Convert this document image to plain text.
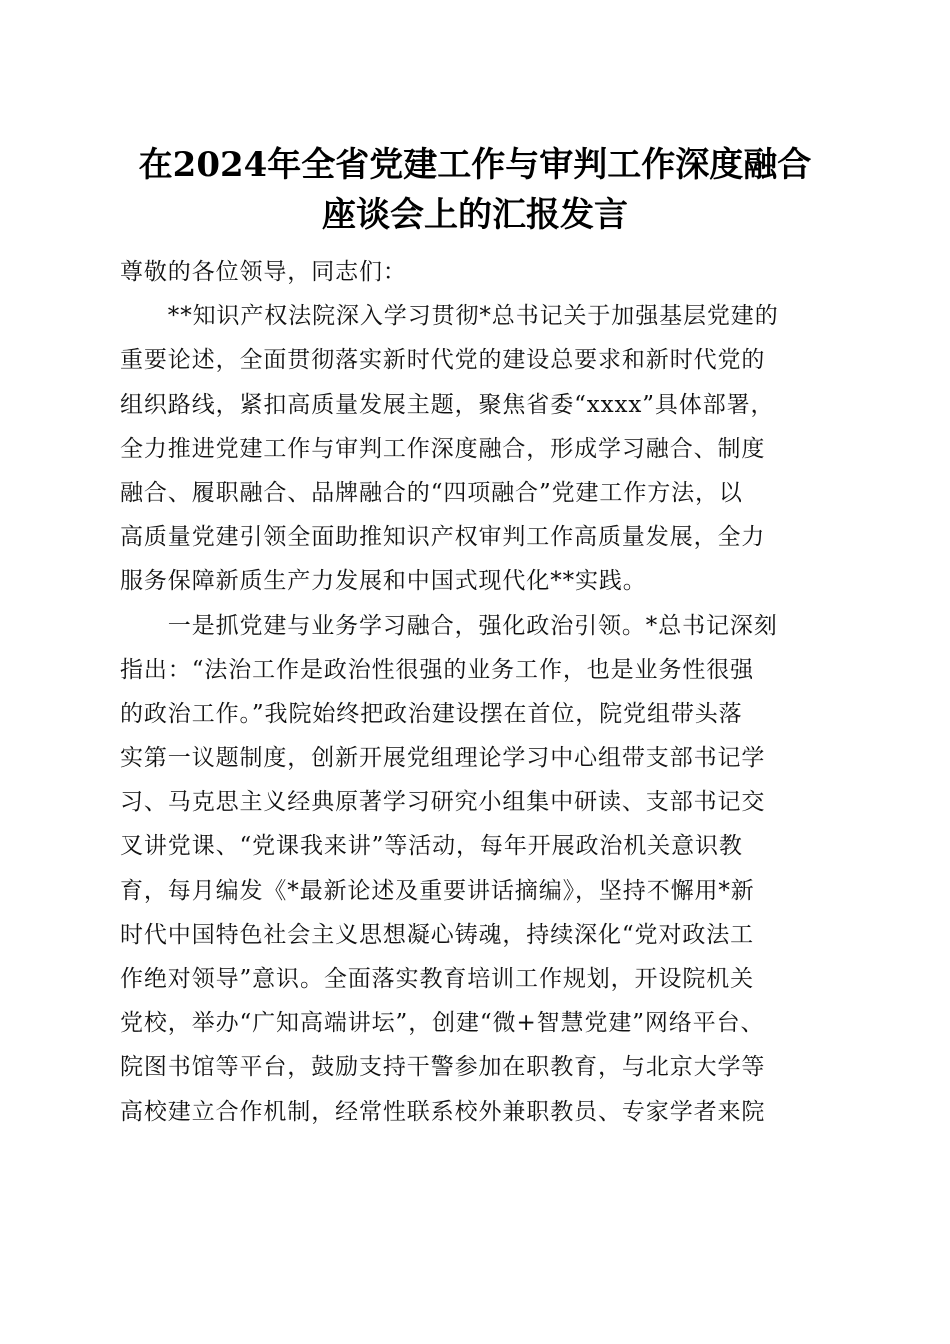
在2024年全省党建工作与审判工作深度融合
座谈会上的汇报发言
尊敬的各位领导，同志们：
　　**知识产权法院深入学习贯彻*总书记关于加强基层党建的
重要论述，全面贯彻落实新时代党的建设总要求和新时代党的
组织路线，紧扣高质量发展主题，聚焦省委“xxxx”具体部署，
全力推进党建工作与审判工作深度融合，形成学习融合、制度
融合、履职融合、品牌融合的“四项融合”党建工作方法，以
高质量党建引领全面助推知识产权审判工作高质量发展，全力
服务保障新质生产力发展和中国式现代化**实践。
　　一是抓党建与业务学习融合，强化政治引领。*总书记深刻
指出：“法治工作是政治性很强的业务工作，也是业务性很强
的政治工作。”我院始终把政治建设摆在首位，院党组带头落
实第一议题制度，创新开展党组理论学习中心组带支部书记学
习、马克思主义经典原著学习研究小组集中研读、支部书记交
叉讲党课、“党课我来讲”等活动，每年开展政治机关意识教
育，每月编发《*最新论述及重要讲话摘编》，坚持不懈用*新
时代中国特色社会主义思想凝心铸魂，持续深化“党对政法工
作绝对领导”意识。全面落实教育培训工作规划，开设院机关
党校，举办“广知高端讲坛”，创建“微+智慧党建”网络平台、
院图书馆等平台，鼓励支持干警参加在职教育，与北京大学等
高校建立合作机制，经常性联系校外兼职教员、专家学者来院
